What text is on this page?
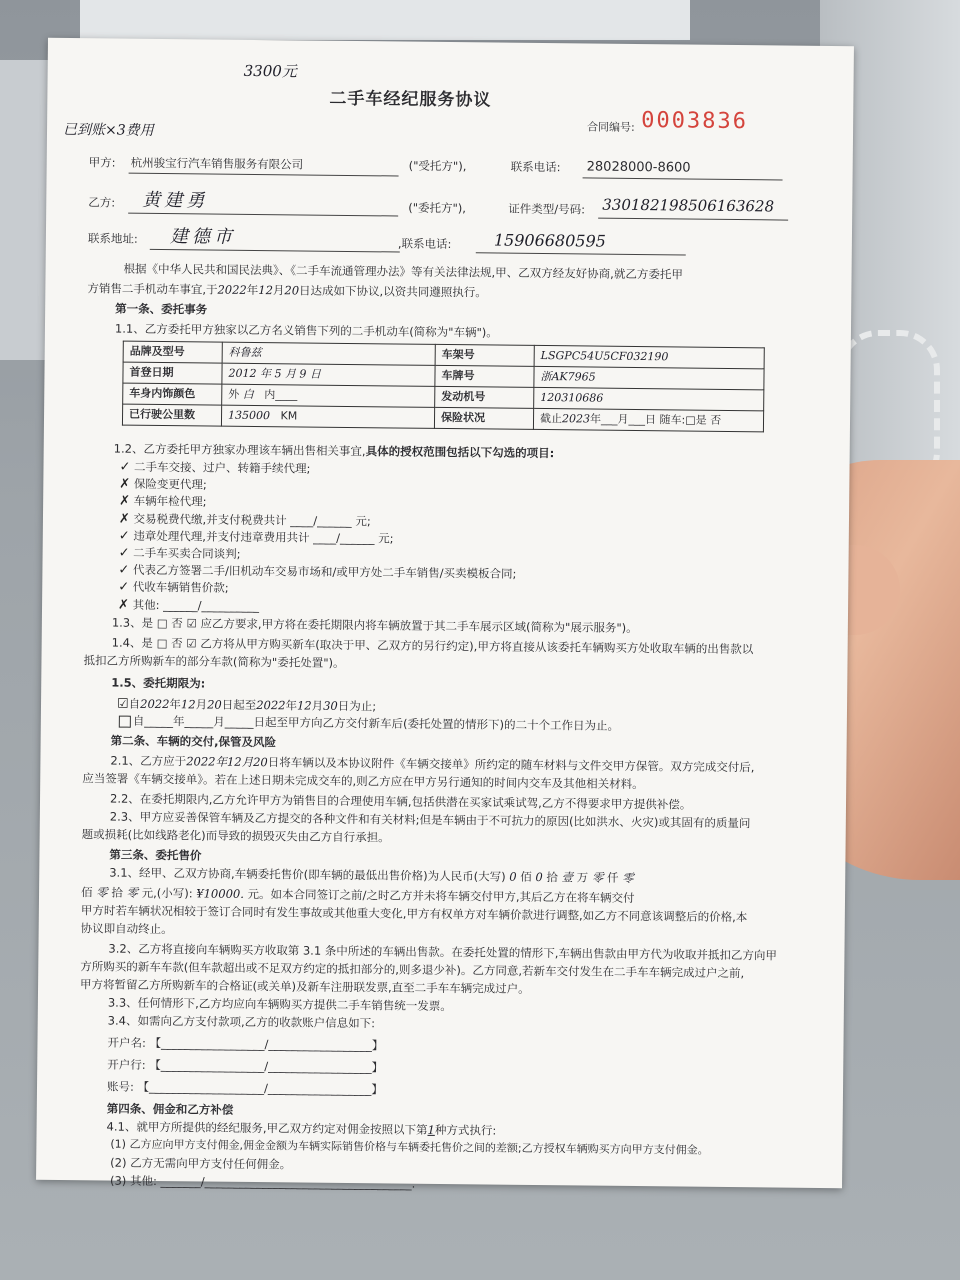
3300元
二手车经纪服务协议
合同编号: 0003836
已到账×3费用
甲方: 杭州骏宝行汽车销售服务有限公司	("受托方"),	联系电话: 28028000-8600
乙方: 黄建勇	("委托方"),	证件类型/号码: 330182198506163628
联系地址: 建德市	,联系电话:	15906680595
根据《中华人民共和国民法典》、《二手车流通管理办法》等有关法律法规,甲、乙双方经友好协商,就乙方委托甲
方销售二手机动车事宜,于2022年12月20日达成如下协议,以资共同遵照执行。
第一条、委托事务
1.1、乙方委托甲方独家以乙方名义销售下列的二手机动车(简称为"车辆")。
品牌及型号	科鲁兹	车架号	LSGPC54U5CF032190
首登日期	2012 年 5 月 9 日	车牌号	浙AK7965
车身内饰颜色	外 白 内____	发动机号	120310686
已行驶公里数	135000 KM	保险状况	截止2023年___月___日 随车:□是 否
1.2、乙方委托甲方独家办理该车辆出售相关事宜,具体的授权范围包括以下勾选的项目:
✓ 二手车交接、过户、转籍手续代理;
✗ 保险变更代理;
✗ 车辆年检代理;
✗ 交易税费代缴,并支付税费共计 ____/______ 元;
✓ 违章处理代理,并支付违章费用共计 ____/______ 元;
✓ 二手车买卖合同谈判;
✓ 代表乙方签署二手/旧机动车交易市场和/或甲方处二手车销售/买卖模板合同;
✓ 代收车辆销售价款;
✗ 其他: ______/__________
1.3、是 □ 否 ☑ 应乙方要求,甲方将在委托期限内将车辆放置于其二手车展示区域(简称为"展示服务")。
1.4、是 □ 否 ☑ 乙方将从甲方购买新车(取决于甲、乙双方的另行约定),甲方将直接从该委托车辆购买方处收取车辆的出售款以
抵扣乙方所购新车的部分车款(简称为"委托处置")。
1.5、委托期限为:
☑自2022年12月20日起至2022年12月30日为止;
自_____年_____月_____日起至甲方向乙方交付新车后(委托处置的情形下)的二十个工作日为止。
第二条、车辆的交付,保管及风险
2.1、乙方应于2022年12月20日将车辆以及本协议附件《车辆交接单》所约定的随车材料与文件交甲方保管。双方完成交付后,
应当签署《车辆交接单》。若在上述日期未完成交车的,则乙方应在甲方另行通知的时间内交车及其他相关材料。
2.2、在委托期限内,乙方允许甲方为销售目的合理使用车辆,包括供潜在买家试乘试驾,乙方不得要求甲方提供补偿。
2.3、甲方应妥善保管车辆及乙方提交的各种文件和有关材料;但是车辆由于不可抗力的原因(比如洪水、火灾)或其固有的质量问
题或损耗(比如线路老化)而导致的损毁灭失由乙方自行承担。
第三条、委托售价
3.1、经甲、乙双方协商,车辆委托售价(即车辆的最低出售价格)为人民币(大写) 0 佰 0 拾 壹 万 零 仟 零
佰 零 拾 零 元,(小写): ¥10000. 元。如本合同签订之前/之时乙方并未将车辆交付甲方,其后乙方在将车辆交付
甲方时若车辆状况相较于签订合同时有发生事故或其他重大变化,甲方有权单方对车辆价款进行调整,如乙方不同意该调整后的价格,本
协议即自动终止。
3.2、乙方将直接向车辆购买方收取第 3.1 条中所述的车辆出售款。在委托处置的情形下,车辆出售款由甲方代为收取并抵扣乙方向甲
方所购买的新车车款(但车款超出或不足双方约定的抵扣部分的,则多退少补)。乙方同意,若新车交付发生在二手车车辆完成过户之前,
甲方将暂留乙方所购新车的合格证(或关单)及新车注册联发票,直至二手车车辆完成过户。
3.3、任何情形下,乙方均应向车辆购买方提供二手车销售统一发票。
3.4、如需向乙方支付款项,乙方的收款账户信息如下:
开户名: 【__________________/__________________】
开户行: 【__________________/__________________】
账号: 【____________________/__________________】
第四条、佣金和乙方补偿
4.1、就甲方所提供的经纪服务,甲乙双方约定对佣金按照以下第1种方式执行:
(1) 乙方应向甲方支付佣金,佣金金额为车辆实际销售价格与车辆委托售价之间的差额;乙方授权车辆购买方向甲方支付佣金。
(2) 乙方无需向甲方支付任何佣金。
(3) 其他: _______/____________________________________.
